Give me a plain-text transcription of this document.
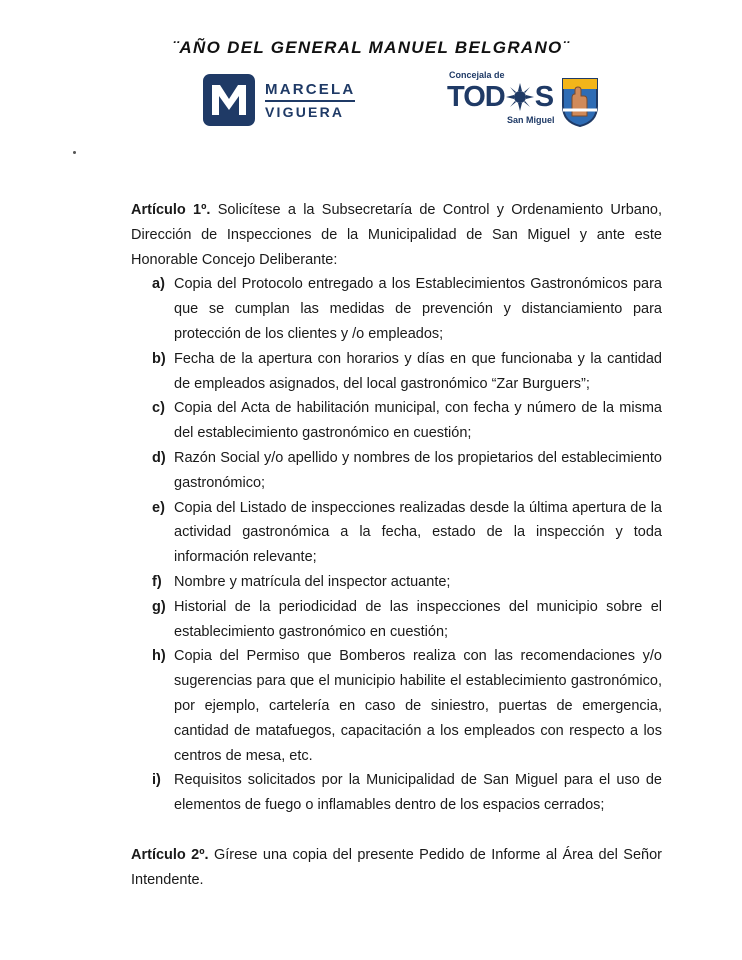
¨AÑO DEL GENERAL MANUEL BELGRANO¨
MARCELA
VIGUERA
Concejala de
TOD S
San Miguel

Artículo 1º. Solicítese a la Subsecretaría de Control y Ordenamiento Urbano, Dirección de Inspecciones de la Municipalidad de San Miguel y ante este Honorable Concejo Deliberante:

a) Copia del Protocolo entregado a los Establecimientos Gastronómicos para que se cumplan las medidas de prevención y distanciamiento para protección de los clientes y /o empleados;
b) Fecha de la apertura con horarios y días en que funcionaba y la cantidad de empleados asignados, del local gastronómico “Zar Burguers”;
c) Copia del Acta de habilitación municipal, con fecha y número de la misma del establecimiento gastronómico en cuestión;
d) Razón Social y/o apellido y nombres de los propietarios del establecimiento gastronómico;
e) Copia del Listado de inspecciones realizadas desde la última apertura de la actividad gastronómica a la fecha, estado de la inspección y toda información relevante;
f) Nombre y matrícula del inspector actuante;
g) Historial de la periodicidad de las inspecciones del municipio sobre el establecimiento gastronómico en cuestión;
h) Copia del Permiso que Bomberos realiza con las recomendaciones y/o sugerencias para que el municipio habilite el establecimiento gastronómico, por ejemplo, cartelería en caso de siniestro, puertas de emergencia, cantidad de matafuegos, capacitación a los empleados con respecto a los centros de mesa, etc.
i) Requisitos solicitados por la Municipalidad de San Miguel para el uso de elementos de fuego o inflamables dentro de los espacios cerrados;

Artículo 2º. Gírese una copia del presente Pedido de Informe al Área del Señor Intendente.
